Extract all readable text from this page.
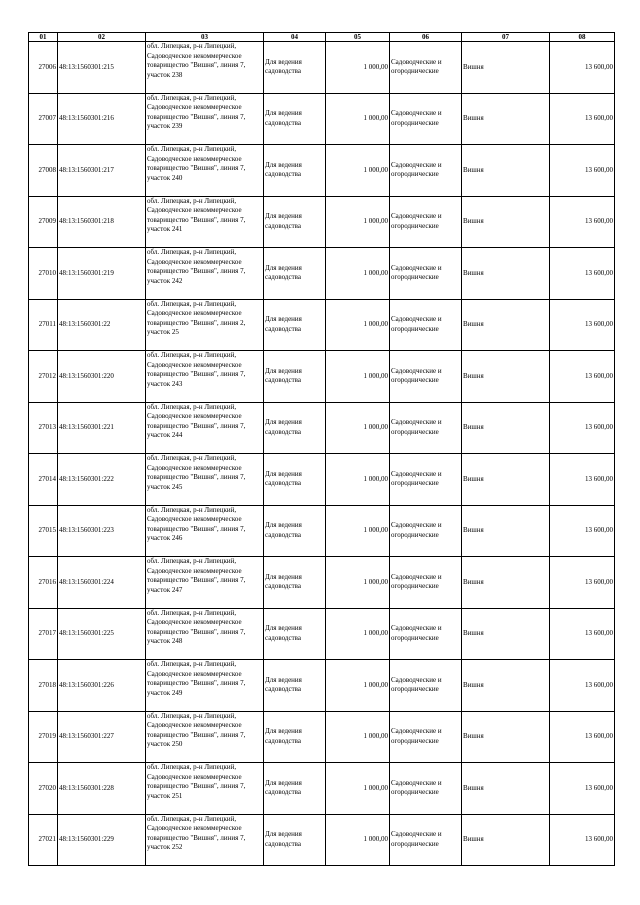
01	02	03	04	05	06	07	08
27006	48:13:1560301:215	обл. Липецкая, р-н Липецкий, Садоводческое некоммерческое товарищество "Вишня", линия 7, участок 238	Для ведения садоводства	1 000,00	Садоводческие и огороднические	Вишня	13 600,00
27007	48:13:1560301:216	обл. Липецкая, р-н Липецкий, Садоводческое некоммерческое товарищество "Вишня", линия 7, участок 239	Для ведения садоводства	1 000,00	Садоводческие и огороднические	Вишня	13 600,00
27008	48:13:1560301:217	обл. Липецкая, р-н Липецкий, Садоводческое некоммерческое товарищество "Вишня", линия 7, участок 240	Для ведения садоводства	1 000,00	Садоводческие и огороднические	Вишня	13 600,00
27009	48:13:1560301:218	обл. Липецкая, р-н Липецкий, Садоводческое некоммерческое товарищество "Вишня", линия 7, участок 241	Для ведения садоводства	1 000,00	Садоводческие и огороднические	Вишня	13 600,00
27010	48:13:1560301:219	обл. Липецкая, р-н Липецкий, Садоводческое некоммерческое товарищество "Вишня", линия 7, участок 242	Для ведения садоводства	1 000,00	Садоводческие и огороднические	Вишня	13 600,00
27011	48:13:1560301:22	обл. Липецкая, р-н Липецкий, Садоводческое некоммерческое товарищество "Вишня", линия 2, участок 25	Для ведения садоводства	1 000,00	Садоводческие и огороднические	Вишня	13 600,00
27012	48:13:1560301:220	обл. Липецкая, р-н Липецкий, Садоводческое некоммерческое товарищество "Вишня", линия 7, участок 243	Для ведения садоводства	1 000,00	Садоводческие и огороднические	Вишня	13 600,00
27013	48:13:1560301:221	обл. Липецкая, р-н Липецкий, Садоводческое некоммерческое товарищество "Вишня", линия 7, участок 244	Для ведения садоводства	1 000,00	Садоводческие и огороднические	Вишня	13 600,00
27014	48:13:1560301:222	обл. Липецкая, р-н Липецкий, Садоводческое некоммерческое товарищество "Вишня", линия 7, участок 245	Для ведения садоводства	1 000,00	Садоводческие и огороднические	Вишня	13 600,00
27015	48:13:1560301:223	обл. Липецкая, р-н Липецкий, Садоводческое некоммерческое товарищество "Вишня", линия 7, участок 246	Для ведения садоводства	1 000,00	Садоводческие и огороднические	Вишня	13 600,00
27016	48:13:1560301:224	обл. Липецкая, р-н Липецкий, Садоводческое некоммерческое товарищество "Вишня", линия 7, участок 247	Для ведения садоводства	1 000,00	Садоводческие и огороднические	Вишня	13 600,00
27017	48:13:1560301:225	обл. Липецкая, р-н Липецкий, Садоводческое некоммерческое товарищество "Вишня", линия 7, участок 248	Для ведения садоводства	1 000,00	Садоводческие и огороднические	Вишня	13 600,00
27018	48:13:1560301:226	обл. Липецкая, р-н Липецкий, Садоводческое некоммерческое товарищество "Вишня", линия 7, участок 249	Для ведения садоводства	1 000,00	Садоводческие и огороднические	Вишня	13 600,00
27019	48:13:1560301:227	обл. Липецкая, р-н Липецкий, Садоводческое некоммерческое товарищество "Вишня", линия 7, участок 250	Для ведения садоводства	1 000,00	Садоводческие и огороднические	Вишня	13 600,00
27020	48:13:1560301:228	обл. Липецкая, р-н Липецкий, Садоводческое некоммерческое товарищество "Вишня", линия 7, участок 251	Для ведения садоводства	1 000,00	Садоводческие и огороднические	Вишня	13 600,00
27021	48:13:1560301:229	обл. Липецкая, р-н Липецкий, Садоводческое некоммерческое товарищество "Вишня", линия 7, участок 252	Для ведения садоводства	1 000,00	Садоводческие и огороднические	Вишня	13 600,00
